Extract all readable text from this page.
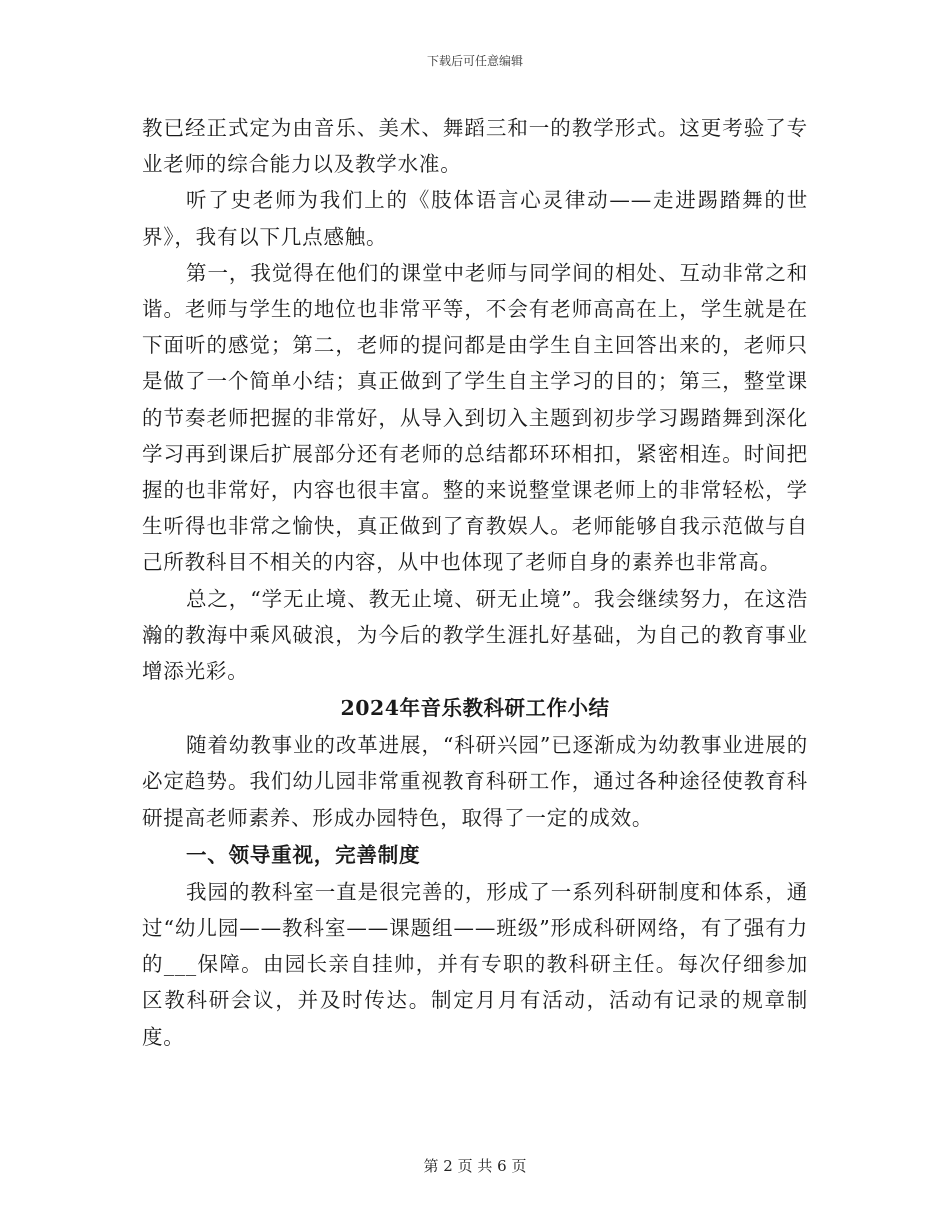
下载后可任意编辑

教已经正式定为由音乐、美术、舞蹈三和一的教学形式。这更考验了专业老师的综合能力以及教学水准。

听了史老师为我们上的《肢体语言心灵律动——走进踢踏舞的世界》，我有以下几点感触。

第一，我觉得在他们的课堂中老师与同学间的相处、互动非常之和谐。老师与学生的地位也非常平等，不会有老师高高在上，学生就是在下面听的感觉；第二，老师的提问都是由学生自主回答出来的，老师只是做了一个简单小结；真正做到了学生自主学习的目的；第三，整堂课的节奏老师把握的非常好，从导入到切入主题到初步学习踢踏舞到深化学习再到课后扩展部分还有老师的总结都环环相扣，紧密相连。时间把握的也非常好，内容也很丰富。整的来说整堂课老师上的非常轻松，学生听得也非常之愉快，真正做到了育教娱人。老师能够自我示范做与自己所教科目不相关的内容，从中也体现了老师自身的素养也非常高。

总之，“学无止境、教无止境、研无止境”。我会继续努力，在这浩瀚的教海中乘风破浪，为今后的教学生涯扎好基础，为自己的教育事业增添光彩。

2024年音乐教科研工作小结

随着幼教事业的改革进展，“科研兴园”已逐渐成为幼教事业进展的必定趋势。我们幼儿园非常重视教育科研工作，通过各种途径使教育科研提高老师素养、形成办园特色，取得了一定的成效。

一、领导重视，完善制度

我园的教科室一直是很完善的，形成了一系列科研制度和体系，通过“幼儿园——教科室——课题组——班级”形成科研网络，有了强有力的___保障。由园长亲自挂帅，并有专职的教科研主任。每次仔细参加区教科研会议，并及时传达。制定月月有活动，活动有记录的规章制度。

第 2 页 共 6 页
